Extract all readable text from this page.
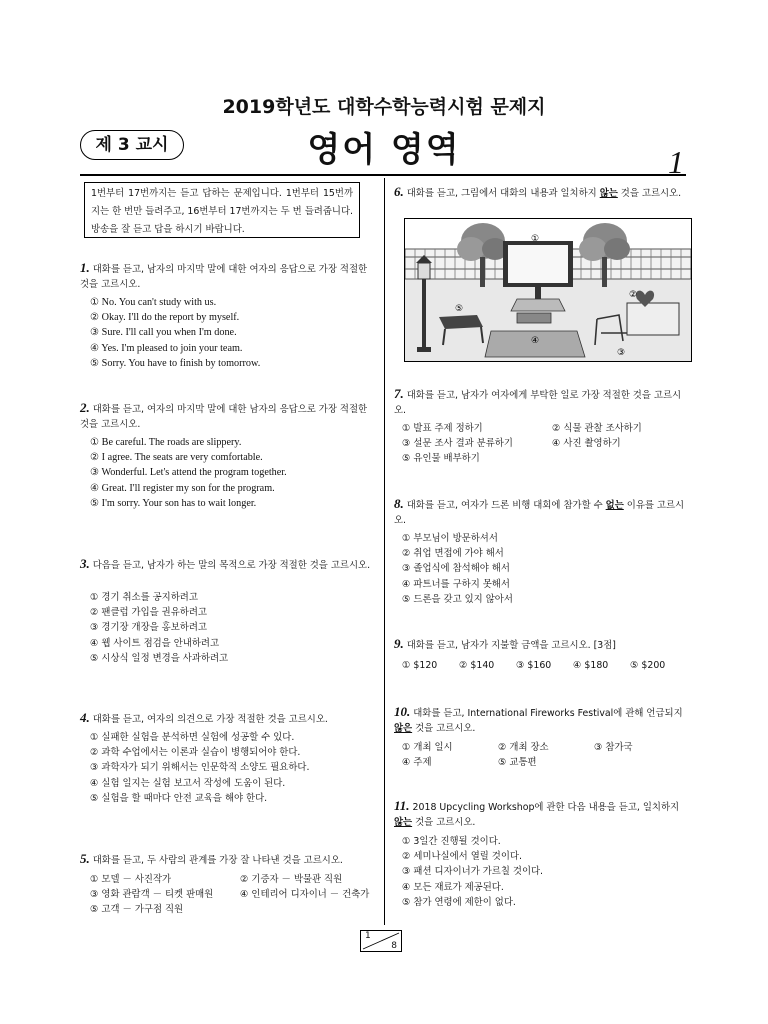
2019학년도 대학수학능력시험 문제지
제 3 교시	영어 영역	1
1번부터 17번까지는 듣고 답하는 문제입니다. 1번부터 15번까지는 한 번만 들려주고, 16번부터 17번까지는 두 번 들려줍니다. 방송을 잘 듣고 답을 하시기 바랍니다.
1. 대화를 듣고, 남자의 마지막 말에 대한 여자의 응답으로 가장 적절한 것을 고르시오.
① No. You can't study with us.
② Okay. I'll do the report by myself.
③ Sure. I'll call you when I'm done.
④ Yes. I'm pleased to join your team.
⑤ Sorry. You have to finish by tomorrow.
2. 대화를 듣고, 여자의 마지막 말에 대한 남자의 응답으로 가장 적절한 것을 고르시오.
① Be careful. The roads are slippery.
② I agree. The seats are very comfortable.
③ Wonderful. Let's attend the program together.
④ Great. I'll register my son for the program.
⑤ I'm sorry. Your son has to wait longer.
3. 다음을 듣고, 남자가 하는 말의 목적으로 가장 적절한 것을 고르시오.
① 경기 취소를 공지하려고
② 팬클럽 가입을 권유하려고
③ 경기장 개장을 홍보하려고
④ 웹 사이트 점검을 안내하려고
⑤ 시상식 일정 변경을 사과하려고
4. 대화를 듣고, 여자의 의견으로 가장 적절한 것을 고르시오.
① 실패한 실험을 분석하면 실험에 성공할 수 있다.
② 과학 수업에서는 이론과 실습이 병행되어야 한다.
③ 과학자가 되기 위해서는 인문학적 소양도 필요하다.
④ 실험 일지는 실험 보고서 작성에 도움이 된다.
⑤ 실험을 할 때마다 안전 교육을 해야 한다.
5. 대화를 듣고, 두 사람의 관계를 가장 잘 나타낸 것을 고르시오.
① 모델 － 사진작가	② 기증자 － 박물관 직원
③ 영화 관람객 － 티켓 판매원	④ 인테리어 디자이너 － 건축가
⑤ 고객 － 가구점 직원
6. 대화를 듣고, 그림에서 대화의 내용과 일치하지 않는 것을 고르시오.
①
②
③
④
⑤
7. 대화를 듣고, 남자가 여자에게 부탁한 일로 가장 적절한 것을 고르시오.
① 발표 주제 정하기	② 식물 관찰 조사하기
③ 설문 조사 결과 분류하기	④ 사진 촬영하기
⑤ 유인물 배부하기
8. 대화를 듣고, 여자가 드론 비행 대회에 참가할 수 없는 이유를 고르시오.
① 부모님이 방문하셔서
② 취업 면접에 가야 해서
③ 졸업식에 참석해야 해서
④ 파트너를 구하지 못해서
⑤ 드론을 갖고 있지 않아서
9. 대화를 듣고, 남자가 지불할 금액을 고르시오. [3점]
① $120	② $140	③ $160	④ $180	⑤ $200
10. 대화를 듣고, International Fireworks Festival에 관해 언급되지 않은 것을 고르시오.
① 개최 일시	② 개최 장소	③ 참가국
④ 주제	⑤ 교통편
11. 2018 Upcycling Workshop에 관한 다음 내용을 듣고, 일치하지 않는 것을 고르시오.
① 3일간 진행될 것이다.
② 세미나실에서 열릴 것이다.
③ 패션 디자이너가 가르칠 것이다.
④ 모든 재료가 제공된다.
⑤ 참가 연령에 제한이 없다.
1
8
